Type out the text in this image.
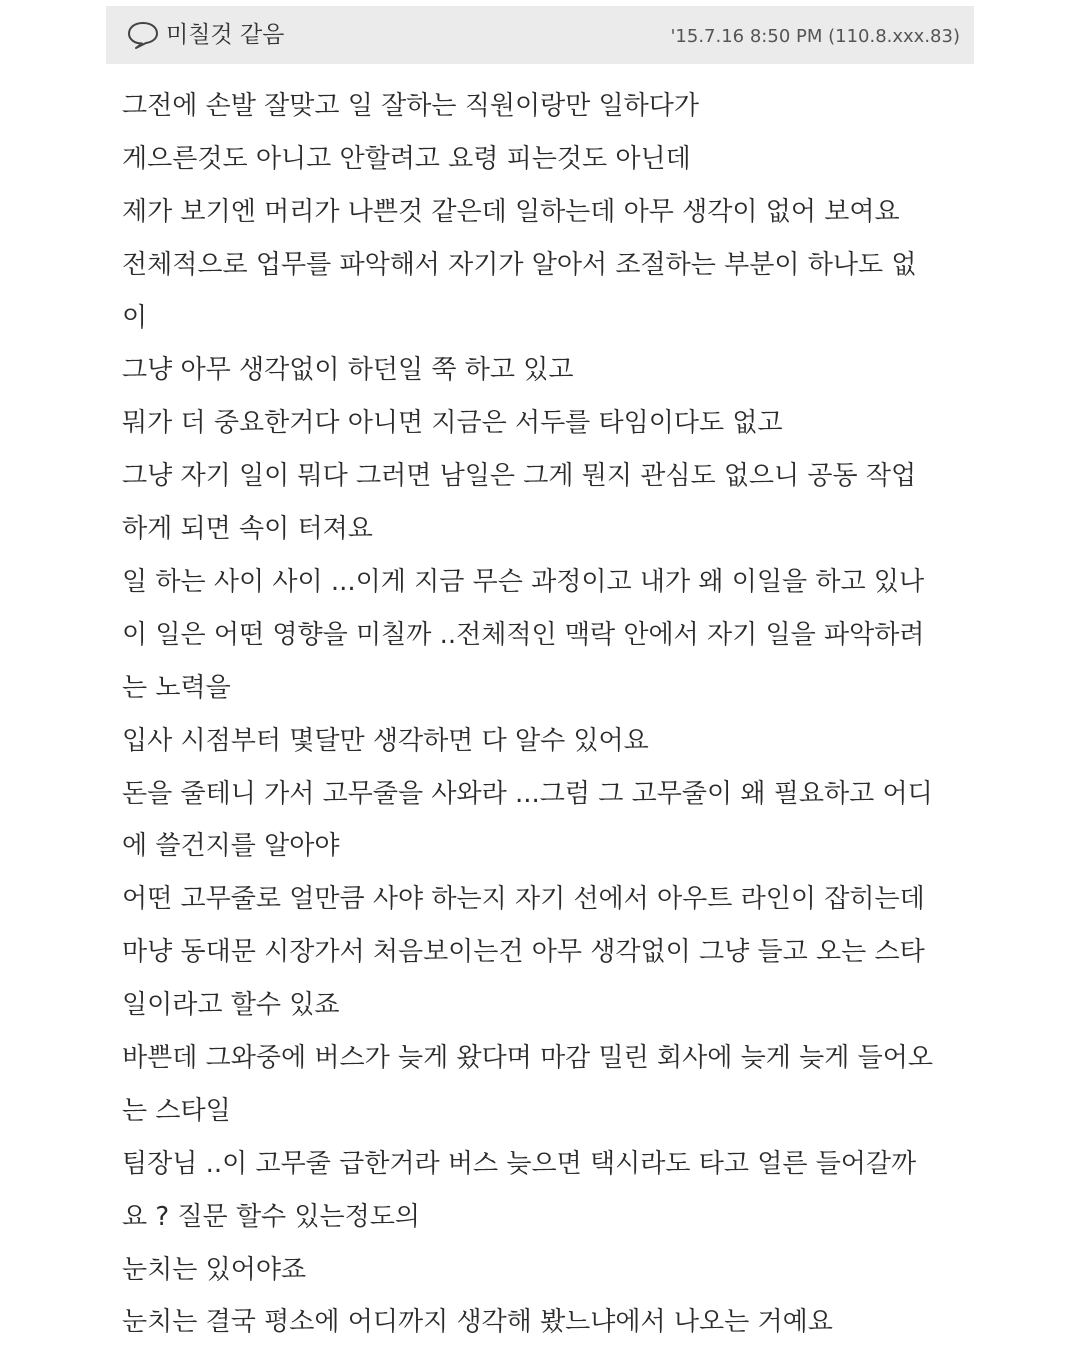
미칠것 같음	'15.7.16 8:50 PM (110.8.xxx.83)
그전에 손발 잘맞고 일 잘하는 직원이랑만 일하다가
게으른것도 아니고 안할려고 요령 피는것도 아닌데
제가 보기엔 머리가 나쁜것 같은데 일하는데 아무 생각이 없어 보여요
전체적으로 업무를 파악해서 자기가 알아서 조절하는 부분이 하나도 없
이
그냥 아무 생각없이 하던일 쭉 하고 있고
뭐가 더 중요한거다 아니면 지금은 서두를 타임이다도 없고
그냥 자기 일이 뭐다 그러면 남일은 그게 뭔지 관심도 없으니 공동 작업
하게 되면 속이 터져요
일 하는 사이 사이 ...이게 지금 무슨 과정이고 내가 왜 이일을 하고 있나
이 일은 어떤 영향을 미칠까 ..전체적인 맥락 안에서 자기 일을 파악하려
는 노력을
입사 시점부터 몇달만 생각하면 다 알수 있어요
돈을 줄테니 가서 고무줄을 사와라 ...그럼 그 고무줄이 왜 필요하고 어디
에 쓸건지를 알아야
어떤 고무줄로 얼만큼 사야 하는지 자기 선에서 아우트 라인이 잡히는데
마냥 동대문 시장가서 처음보이는건 아무 생각없이 그냥 들고 오는 스타
일이라고 할수 있죠
바쁜데 그와중에 버스가 늦게 왔다며 마감 밀린 회사에 늦게 늦게 들어오
는 스타일
팀장님 ..이 고무줄 급한거라 버스 늦으면 택시라도 타고 얼른 들어갈까
요 ? 질문 할수 있는정도의
눈치는 있어야죠
눈치는 결국 평소에 어디까지 생각해 봤느냐에서 나오는 거예요
